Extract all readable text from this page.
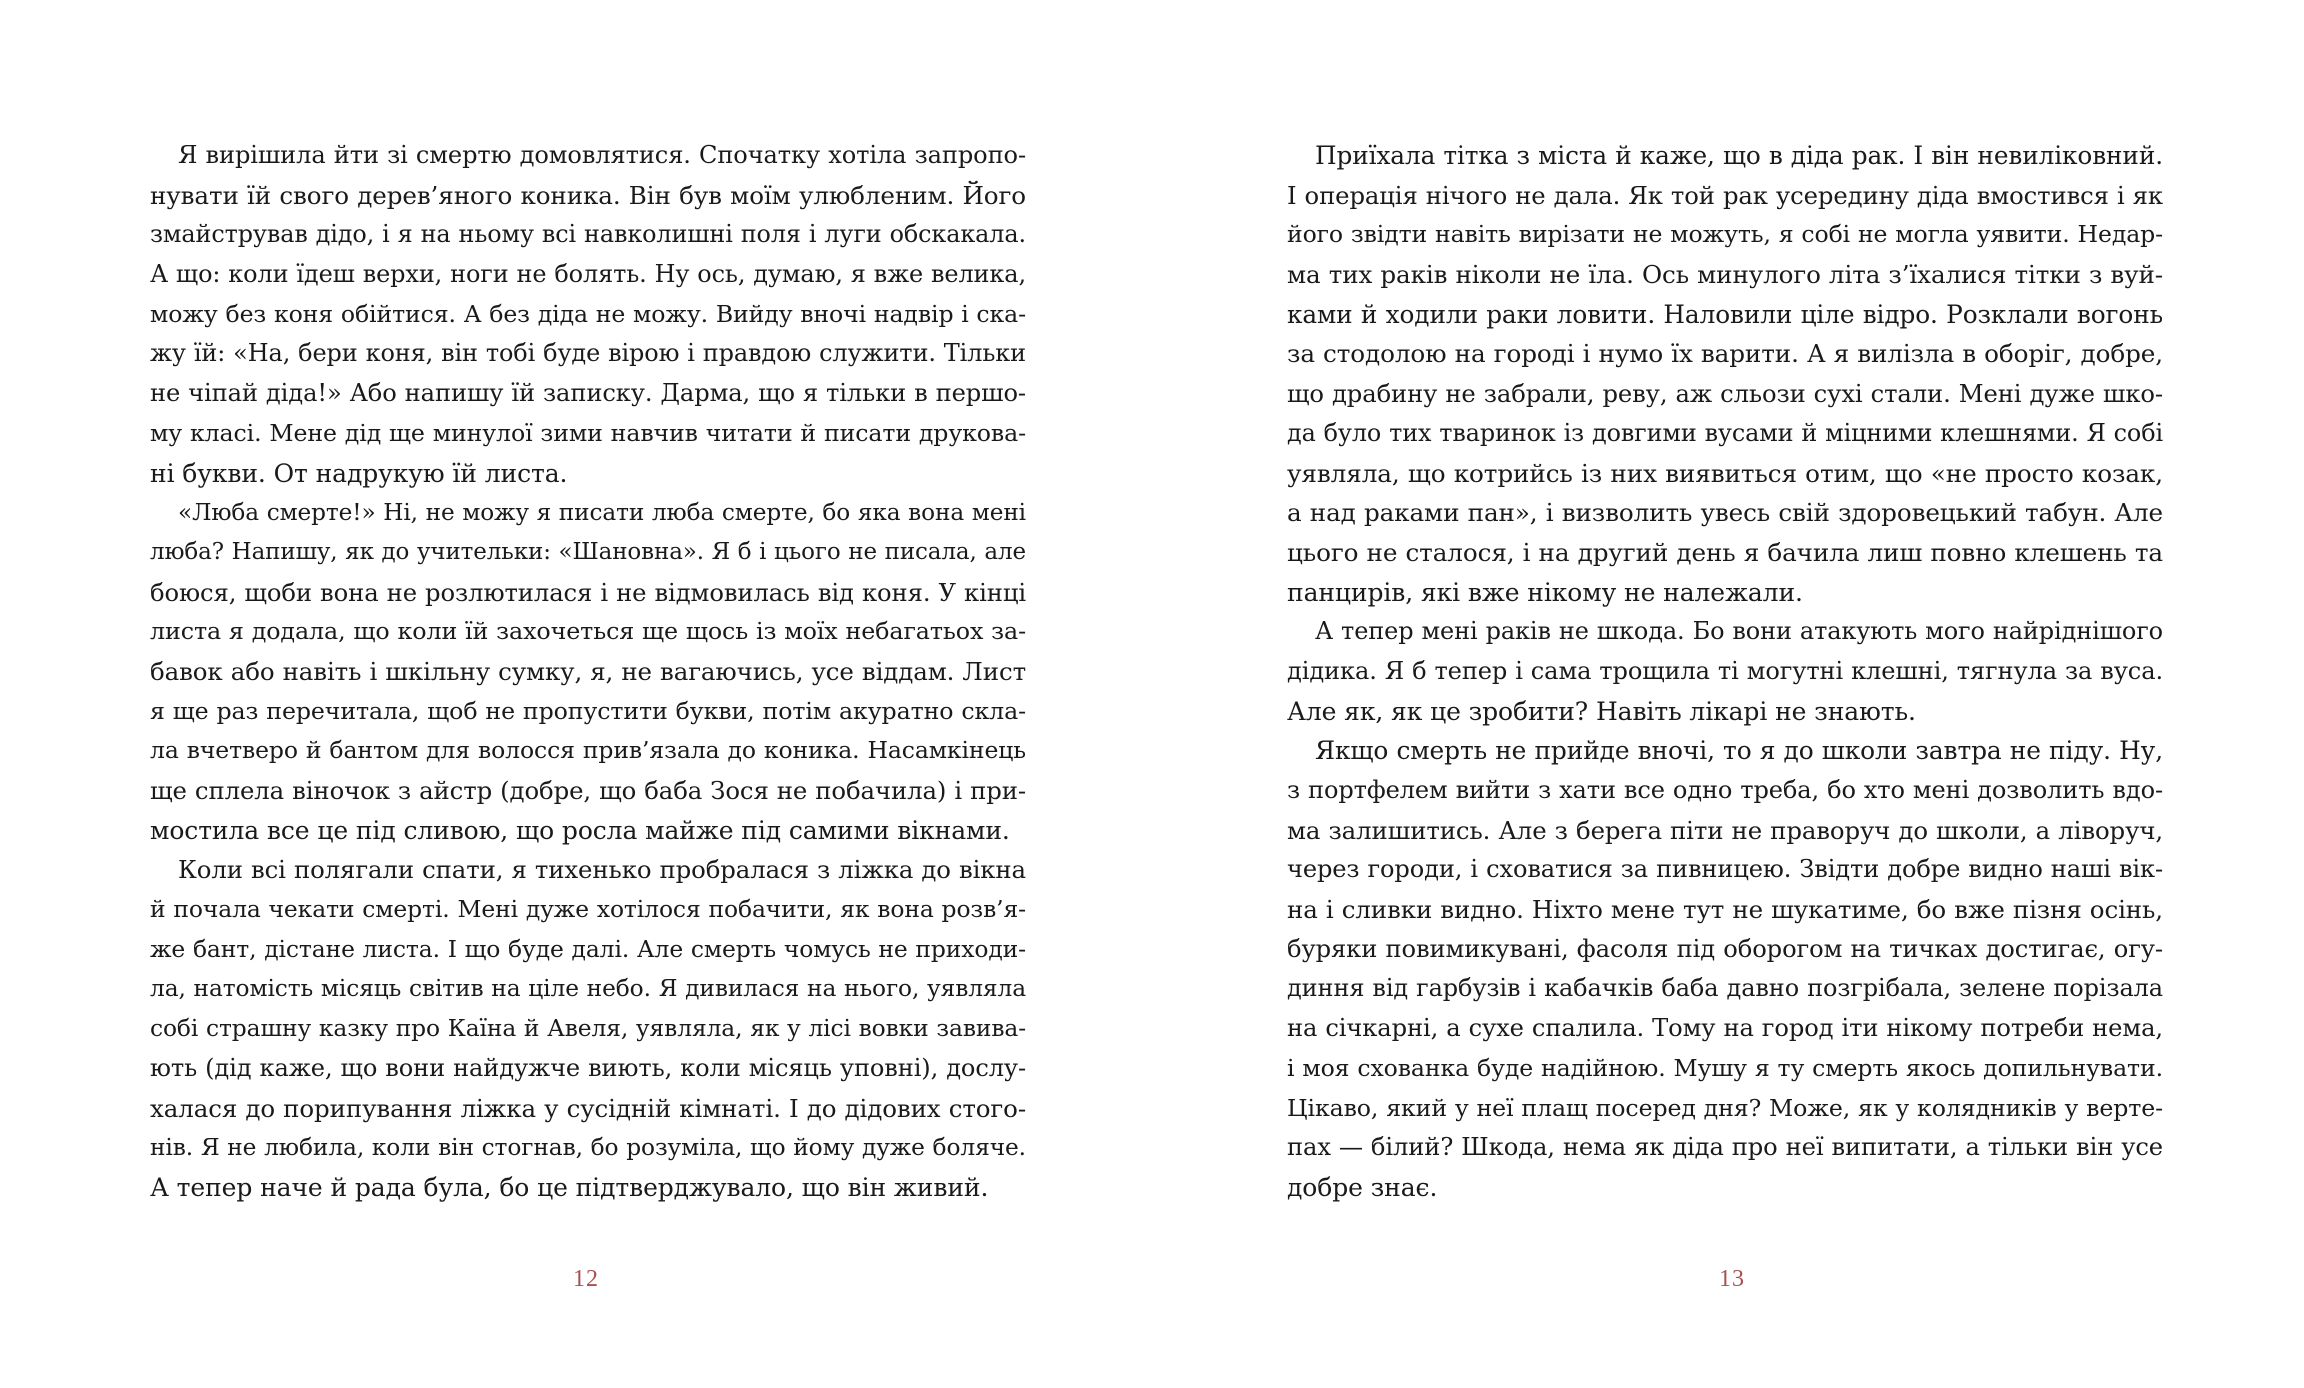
Я вирішила йти зі смертю домовлятися. Спочатку хотіла запропо-
нувати їй свого дерев’яного коника. Він був моїм улюбленим. Його
змайстрував дідо, і я на ньому всі навколишні поля і луги обскакала.
А що: коли їдеш верхи, ноги не болять. Ну ось, думаю, я вже велика,
можу без коня обійтися. А без діда не можу. Вийду вночі надвір і ска-
жу їй: «На, бери коня, він тобі буде вірою і правдою служити. Тільки
не чіпай діда!» Або напишу їй записку. Дарма, що я тільки в першо-
му класі. Мене дід ще минулої зими навчив читати й писати друкова-
ні букви. От надрукую їй листа.
«Люба смерте!» Ні, не можу я писати люба смерте, бо яка вона мені
люба? Напишу, як до учительки: «Шановна». Я б і цього не писала, але
боюся, щоби вона не розлютилася і не відмовилась від коня. У кінці
листа я додала, що коли їй захочеться ще щось із моїх небагатьох за-
бавок або навіть і шкільну сумку, я, не вагаючись, усе віддам. Лист
я ще раз перечитала, щоб не пропустити букви, потім акуратно скла-
ла вчетверо й бантом для волосся прив’язала до коника. Насамкінець
ще сплела віночок з айстр (добре, що баба Зося не побачила) і при-
мостила все це під сливою, що росла майже під самими вікнами.
Коли всі полягали спати, я тихенько пробралася з ліжка до вікна
й почала чекати смерті. Мені дуже хотілося побачити, як вона розв’я-
же бант, дістане листа. І що буде далі. Але смерть чомусь не приходи-
ла, натомість місяць світив на ціле небо. Я дивилася на нього, уявляла
собі страшну казку про Каїна й Авеля, уявляла, як у лісі вовки завива-
ють (дід каже, що вони найдужче виють, коли місяць уповні), дослу-
халася до порипування ліжка у сусідній кімнаті. І до дідових стого-
нів. Я не любила, коли він стогнав, бо розуміла, що йому дуже боляче.
А тепер наче й рада була, бо це підтверджувало, що він живий.
12
Приїхала тітка з міста й каже, що в діда рак. І він невиліковний.
І операція нічого не дала. Як той рак усередину діда вмостився і як
його звідти навіть вирізати не можуть, я собі не могла уявити. Недар-
ма тих раків ніколи не їла. Ось минулого літа з’їхалися тітки з вуй-
ками й ходили раки ловити. Наловили ціле відро. Розклали вогонь
за стодолою на городі і нумо їх варити. А я вилізла в оборіг, добре,
що драбину не забрали, реву, аж сльози сухі стали. Мені дуже шко-
да було тих тваринок із довгими вусами й міцними клешнями. Я собі
уявляла, що котрийсь із них виявиться отим, що «не просто козак,
а над раками пан», і визволить увесь свій здоровецький табун. Але
цього не сталося, і на другий день я бачила лиш повно клешень та
панцирів, які вже нікому не належали.
А тепер мені раків не шкода. Бо вони атакують мого найріднішого
дідика. Я б тепер і сама трощила ті могутні клешні, тягнула за вуса.
Але як, як це зробити? Навіть лікарі не знають.
Якщо смерть не прийде вночі, то я до школи завтра не піду. Ну,
з портфелем вийти з хати все одно треба, бо хто мені дозволить вдо-
ма залишитись. Але з берега піти не праворуч до школи, а ліворуч,
через городи, і сховатися за пивницею. Звідти добре видно наші вік-
на і сливки видно. Ніхто мене тут не шукатиме, бо вже пізня осінь,
буряки повимикувані, фасоля під оборогом на тичках достигає, огу-
диння від гарбузів і кабачків баба давно позгрібала, зелене порізала
на січкарні, а сухе спалила. Тому на город іти нікому потреби нема,
і моя схованка буде надійною. Мушу я ту смерть якось допильнувати.
Цікаво, який у неї плащ посеред дня? Може, як у колядників у верте-
пах — білий? Шкода, нема як діда про неї випитати, а тільки він усе
добре знає.
13
